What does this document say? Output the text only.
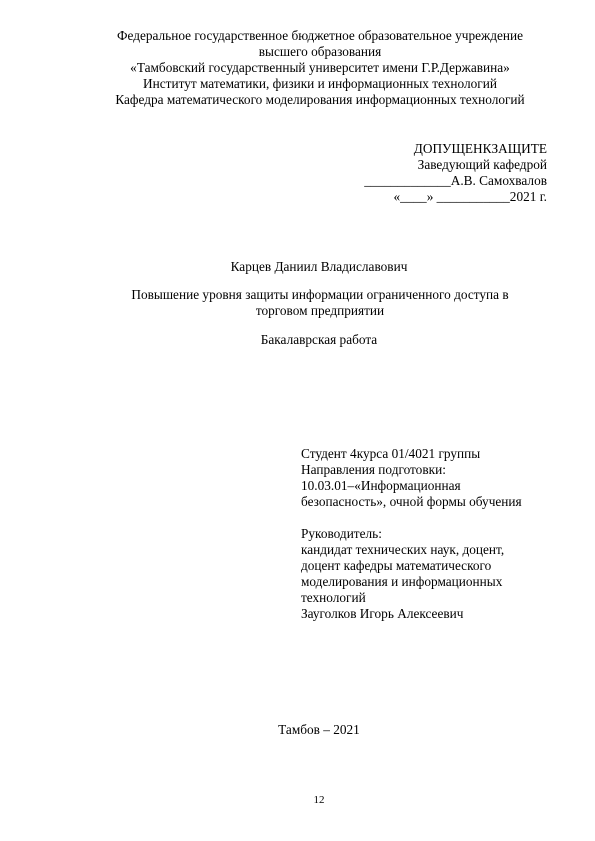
Федеральное государственное бюджетное образовательное учреждение
высшего образования
«Тамбовский государственный университет имени Г.Р.Державина»
Институт математики, физики и информационных технологий
Кафедра математического моделирования информационных технологий
ДОПУЩЕНКЗАЩИТЕ
Заведующий кафедрой
_____________А.В. Самохвалов
«____» ___________2021 г.
Карцев Даниил Владиславович
Повышение уровня защиты информации ограниченного доступа в
торговом предприятии
Бакалаврская работа
Студент 4курса 01/4021 группы
Направления подготовки:
10.03.01–«Информационная
безопасность», очной формы обучения
Руководитель:
кандидат технических наук, доцент,
доцент кафедры математического
моделирования и информационных
технологий
Зауголков Игорь Алексеевич
Тамбов – 2021
12
